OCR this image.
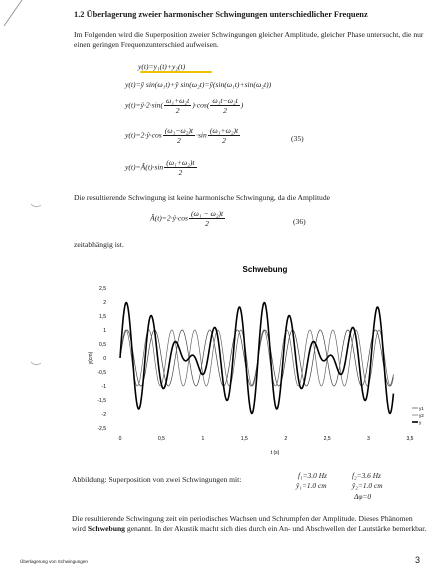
1.2 Überlagerung zweier harmonischer Schwingungen unterschiedlicher Frequenz

Im Folgenden wird die Superposition zweier Schwingungen gleicher Amplitude, gleicher Phase untersucht, die nur einen geringen Frequenzunterschied aufweisen.

y(t)=y₁(t)+y₂(t)
y(t)=ŷ sin(ω₁t)+ŷ sin(ω₂t)=ŷ(sin(ω₁t)+sin(ω₂t))
y(t)=ŷ·2·sin( $\frac{\text{ω₁+ω₂t}}{2} )\cdot\cos( \frac{\text{ω₁t−ω₂t}}{2}$ )
y(t)=2·ŷ·cos $\frac{\text{(ω₁−ω₂)t}}{2} \cdot\sin \frac{\text{(ω₁+ω₂)t}}{2}$	(35)
y(t)=Â(t)·sin $\frac{\text{(ω₁+ω₂)t}}{2}$

Die resultierende Schwingung ist keine harmonische Schwingung, da die Amplitude

Â(t)=2·ŷ·cos $\frac{\text{(ω₁ − ω₂)t}}{2}$	(36)

zeitabhängig ist.

Schwebung
2,5
2
1,5
1
0,5
0
-0,5
-1
-1,5
-2
-2,5
0	0,5	1	1,5	2	2,5	3	3,5
t (s)
y(cm)
y1
y2
y

Abbildung: Superposition von zwei Schwingungen mit:	f₁=3.0 Hz	f₂=3.6 Hz
ŷ₁=1.0 cm	ŷ₂=1.0 cm
Δφ=0

Die resultierende Schwingung zeit ein periodisches Wachsen und Schrumpfen der Amplitude. Dieses Phänomen wird Schwebung genannt. In der Akustik macht sich dies durch ein An- und Abschwellen der Lautstärke bemerkbar.

Überlagerung von Schwingungen	3
